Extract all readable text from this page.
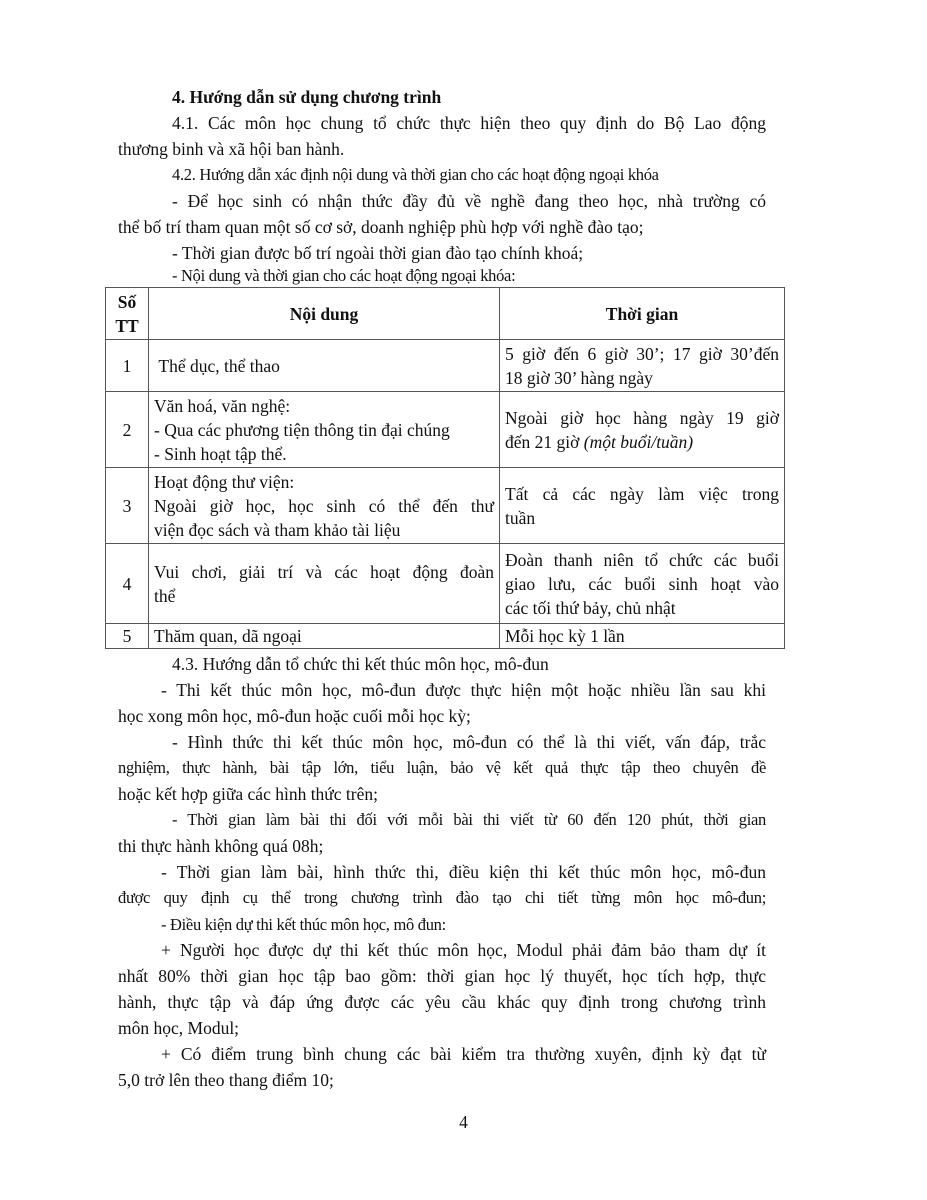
4. Hướng dẫn sử dụng chương trình
4.1. Các môn học chung tổ chức thực hiện theo quy định do Bộ Lao động
thương binh và xã hội ban hành.
4.2. Hướng dẫn xác định nội dung và thời gian cho các hoạt động ngoại khóa
- Để học sinh có nhận thức đầy đủ về nghề đang theo học, nhà trường có
thể bố trí tham quan một số cơ sở, doanh nghiệp phù hợp với nghề đào tạo;
- Thời gian được bố trí ngoài thời gian đào tạo chính khoá;
- Nội dung và thời gian cho các hoạt động ngoại khóa:
Số
TT	Nội dung	Thời gian
1	Thể dục, thể thao	5 giờ đến 6 giờ 30’; 17 giờ 30’đến
18 giờ 30’ hàng ngày
2	Văn hoá, văn nghệ:
- Qua các phương tiện thông tin đại chúng
- Sinh hoạt tập thể.	Ngoài giờ học hàng ngày 19 giờ
đến 21 giờ (một buổi/tuần)
3	Hoạt động thư viện:
Ngoài giờ học, học sinh có thể đến thư
viện đọc sách và tham khảo tài liệu	Tất cả các ngày làm việc trong
tuần
4	Vui chơi, giải trí và các hoạt động đoàn
thể	Đoàn thanh niên tổ chức các buổi
giao lưu, các buổi sinh hoạt vào
các tối thứ bảy, chủ nhật
5	Thăm quan, dã ngoại	Mỗi học kỳ 1 lần
4.3. Hướng dẫn tổ chức thi kết thúc môn học, mô-đun
- Thi kết thúc môn học, mô-đun được thực hiện một hoặc nhiều lần sau khi
học xong môn học, mô-đun hoặc cuối mỗi học kỳ;
- Hình thức thi kết thúc môn học, mô-đun có thể là thi viết, vấn đáp, trắc
nghiệm, thực hành, bài tập lớn, tiểu luận, bảo vệ kết quả thực tập theo chuyên đề
hoặc kết hợp giữa các hình thức trên;
- Thời gian làm bài thi đối với mỗi bài thi viết từ 60 đến 120 phút, thời gian
thi thực hành không quá 08h;
- Thời gian làm bài, hình thức thi, điều kiện thi kết thúc môn học, mô-đun
được quy định cụ thể trong chương trình đào tạo chi tiết từng môn học mô-đun;
- Điều kiện dự thi kết thúc môn học, mô đun:
+ Người học được dự thi kết thúc môn học, Modul phải đảm bảo tham dự ít
nhất 80% thời gian học tập bao gồm: thời gian học lý thuyết, học tích hợp, thực
hành, thực tập và đáp ứng được các yêu cầu khác quy định trong chương trình
môn học, Modul;
+ Có điểm trung bình chung các bài kiểm tra thường xuyên, định kỳ đạt từ
5,0 trở lên theo thang điểm 10;
4
